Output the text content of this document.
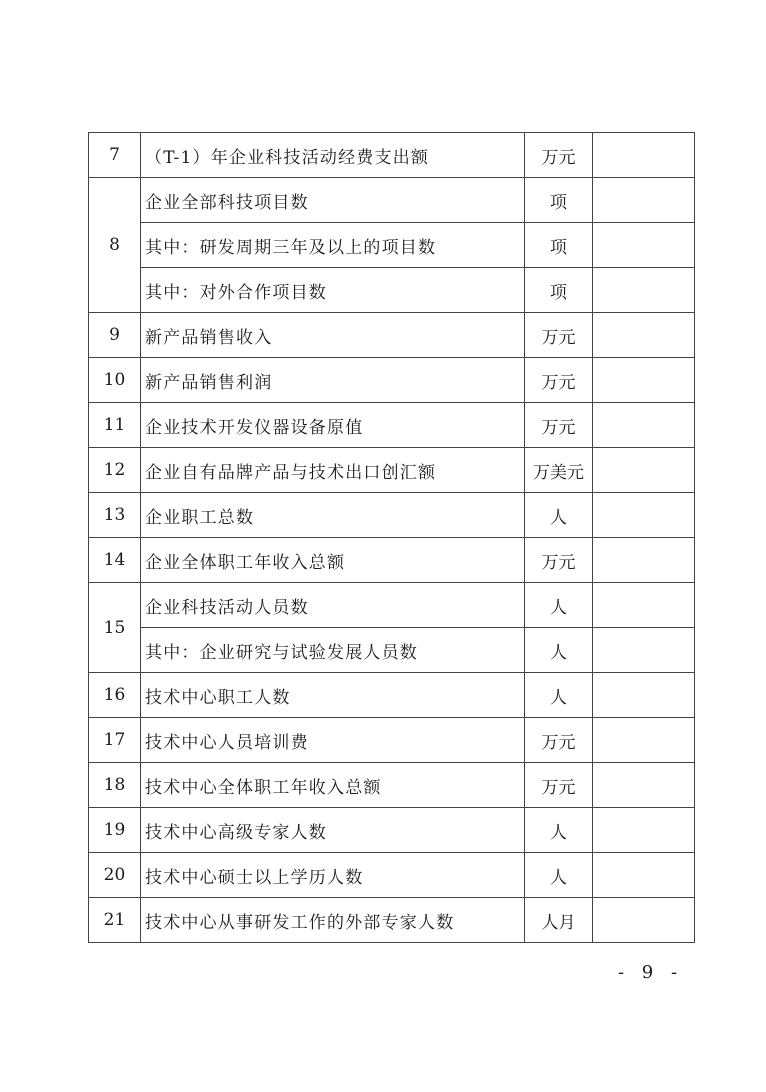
7	（T-1）年企业科技活动经费支出额	万元	
8	企业全部科技项目数	项	
	其中：研发周期三年及以上的项目数	项	
	其中：对外合作项目数	项	
9	新产品销售收入	万元	
10	新产品销售利润	万元	
11	企业技术开发仪器设备原值	万元	
12	企业自有品牌产品与技术出口创汇额	万美元	
13	企业职工总数	人	
14	企业全体职工年收入总额	万元	
15	企业科技活动人员数	人	
	其中：企业研究与试验发展人员数	人	
16	技术中心职工人数	人	
17	技术中心人员培训费	万元	
18	技术中心全体职工年收入总额	万元	
19	技术中心高级专家人数	人	
20	技术中心硕士以上学历人数	人	
21	技术中心从事研发工作的外部专家人数	人月	
- 9 -
